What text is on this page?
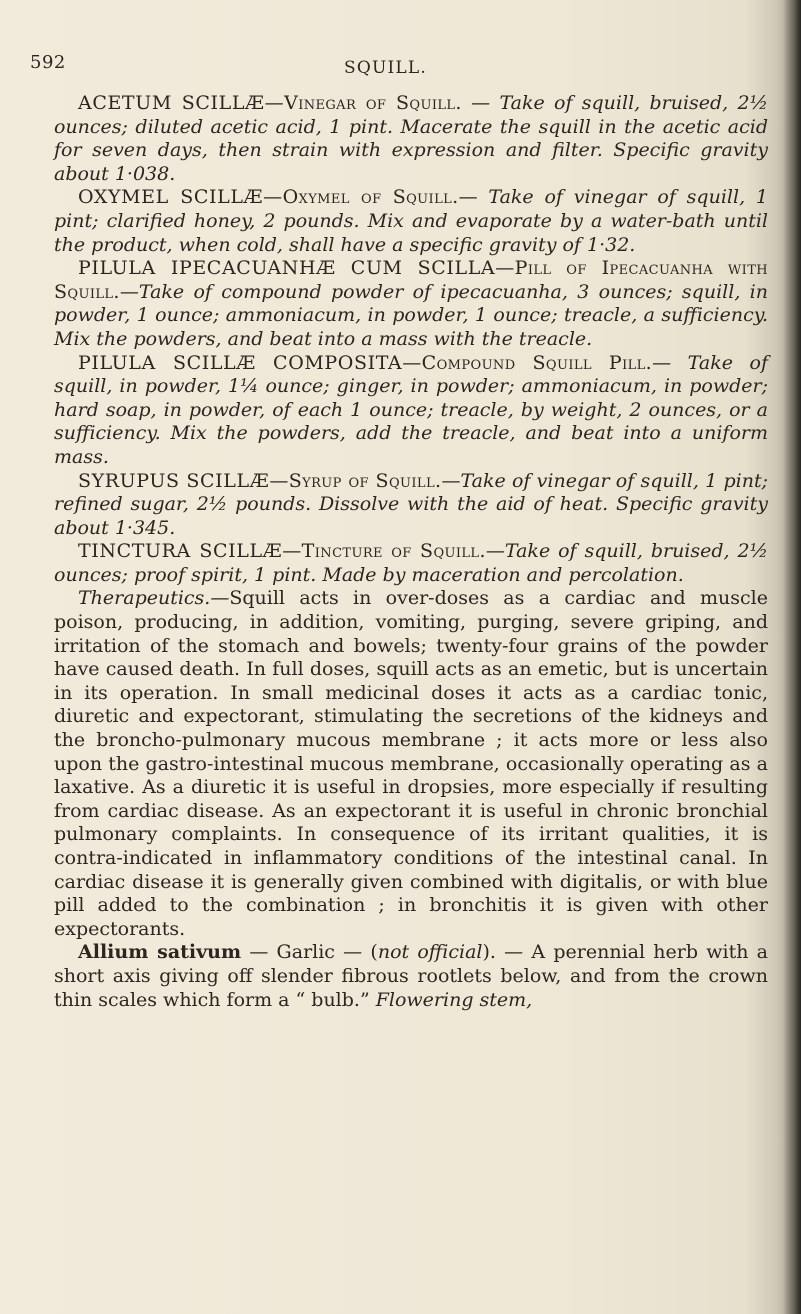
592	SQUILL.

ACETUM SCILLÆ—Vinegar of Squill. — Take of squill, bruised, 2½ ounces; diluted acetic acid, 1 pint. Macerate the squill in the acetic acid for seven days, then strain with expression and filter. Specific gravity about 1·038.

OXYMEL SCILLÆ—Oxymel of Squill.— Take of vinegar of squill, 1 pint; clarified honey, 2 pounds. Mix and evaporate by a water-bath until the product, when cold, shall have a specific gravity of 1·32.

PILULA IPECACUANHÆ CUM SCILLA—Pill of Ipecacuanha with Squill.—Take of compound powder of ipecacuanha, 3 ounces; squill, in powder, 1 ounce; ammoniacum, in powder, 1 ounce; treacle, a sufficiency. Mix the powders, and beat into a mass with the treacle.

PILULA SCILLÆ COMPOSITA—Compound Squill Pill.— Take of squill, in powder, 1¼ ounce; ginger, in powder; ammoniacum, in powder; hard soap, in powder, of each 1 ounce; treacle, by weight, 2 ounces, or a sufficiency. Mix the powders, add the treacle, and beat into a uniform mass.

SYRUPUS SCILLÆ—Syrup of Squill.—Take of vinegar of squill, 1 pint; refined sugar, 2½ pounds. Dissolve with the aid of heat. Specific gravity about 1·345.

TINCTURA SCILLÆ—Tincture of Squill.—Take of squill, bruised, 2½ ounces; proof spirit, 1 pint. Made by maceration and percolation.

Therapeutics.—Squill acts in over-doses as a cardiac and muscle poison, producing, in addition, vomiting, purging, severe griping, and irritation of the stomach and bowels; twenty-four grains of the powder have caused death. In full doses, squill acts as an emetic, but is uncertain in its operation. In small medicinal doses it acts as a cardiac tonic, diuretic and expectorant, stimulating the secretions of the kidneys and the broncho-pulmonary mucous membrane ; it acts more or less also upon the gastro-intestinal mucous membrane, occasionally operating as a laxative. As a diuretic it is useful in dropsies, more especially if resulting from cardiac disease. As an expectorant it is useful in chronic bronchial pulmonary complaints. In consequence of its irritant qualities, it is contra-indicated in inflammatory conditions of the intestinal canal. In cardiac disease it is generally given combined with digitalis, or with blue pill added to the combination ; in bronchitis it is given with other expectorants.

Allium sativum — Garlic — (not official). — A perennial herb with a short axis giving off slender fibrous rootlets below, and from the crown thin scales which form a “ bulb.” Flowering stem,
